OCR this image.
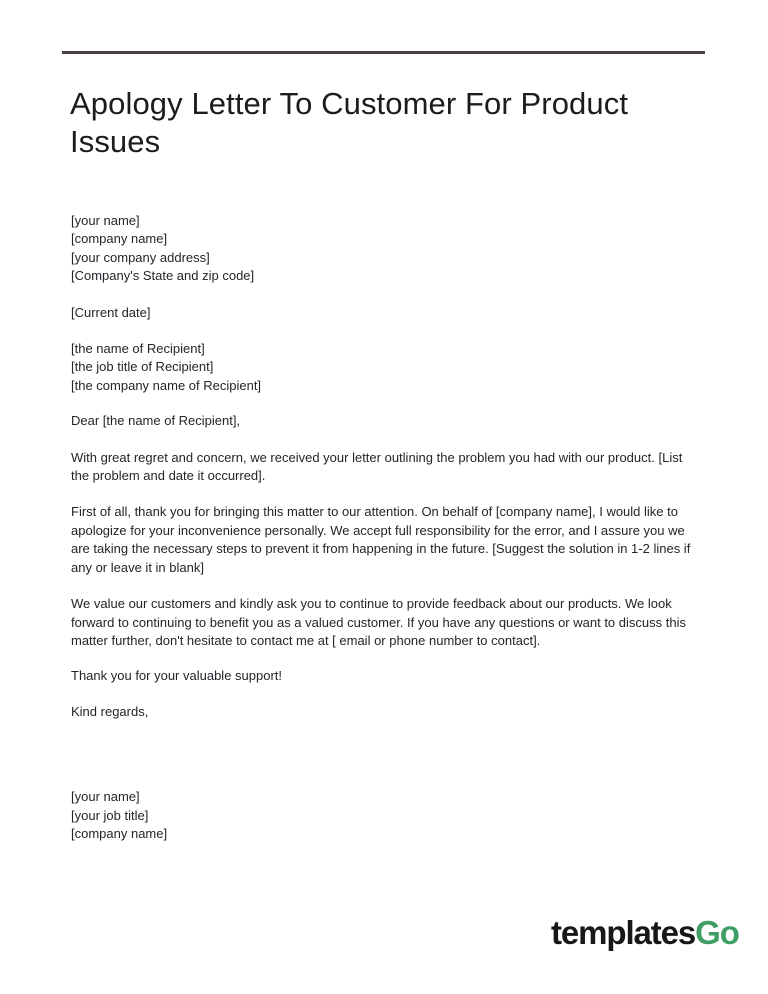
Apology Letter To Customer For Product Issues
[your name]
[company name]
[your company address]
[Company's State and zip code]
[Current date]
[the name of Recipient]
[the job title of Recipient]
[the company name of Recipient]

Dear [the name of Recipient],

With great regret and concern, we received your letter outlining the problem you had with our product. [List the problem and date it occurred].

First of all, thank you for bringing this matter to our attention. On behalf of [company name], I would like to apologize for your inconvenience personally. We accept full responsibility for the error, and I assure you we are taking the necessary steps to prevent it from happening in the future. [Suggest the solution in 1-2 lines if any or leave it in blank]

We value our customers and kindly ask you to continue to provide feedback about our products. We look forward to continuing to benefit you as a valued customer. If you have any questions or want to discuss this matter further, don't hesitate to contact me at [ email or phone number to contact].

Thank you for your valuable support!

Kind regards,

[your name]
[your job title]
[company name]
templatesGo
